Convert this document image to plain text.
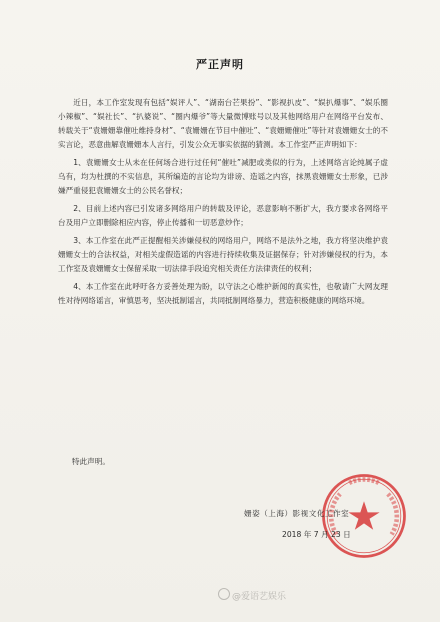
严正声明

近日，本工作室发现有包括“娱评人”、“湖南台芒果扮”、“影视扒皮”、“娱扒爆事”、“娱乐圈小辣椒”、“娱社长”、“扒婆说”、“圈内爆爷”等大量微博账号以及其他网络用户在网络平台发布、转载关于“袁姗姗靠催吐维持身材”、“袁姗姗在节目中催吐”、“袁姗姗催吐”等针对袁姗姗女士的不实言论，恶意曲解袁姗姗本人言行，引发公众无事实依据的猜测。本工作室严正声明如下：

1、袁姗姗女士从未在任何场合进行过任何“催吐”减肥或类似的行为，上述网络言论纯属子虚乌有，均为杜撰的不实信息，其所编造的言论均为诽谤、造谣之内容，抹黑袁姗姗女士形象，已涉嫌严重侵犯袁姗姗女士的公民名誉权；

2、目前上述内容已引发诸多网络用户的转载及评论，恶意影响不断扩大，我方要求各网络平台及用户立即删除相应内容，停止传播和一切恶意炒作；

3、本工作室在此严正提醒相关涉嫌侵权的网络用户，网络不是法外之地，我方将坚决维护袁姗姗女士的合法权益，对相关虚假造谣的内容进行持续收集及证据保存；针对涉嫌侵权的行为，本工作室及袁姗姗女士保留采取一切法律手段追究相关责任方法律责任的权利；

4、本工作室在此呼吁各方妥善处理为盼，以守法之心维护新闻的真实性，也敬请广大网友理性对待网络谣言，审慎思考，坚决抵制谣言，共同抵制网络暴力，营造积极健康的网络环境。

特此声明。
姗姿（上海）影视文化工作室
2018 年 7 月 23 日
@爱语艺娱乐
